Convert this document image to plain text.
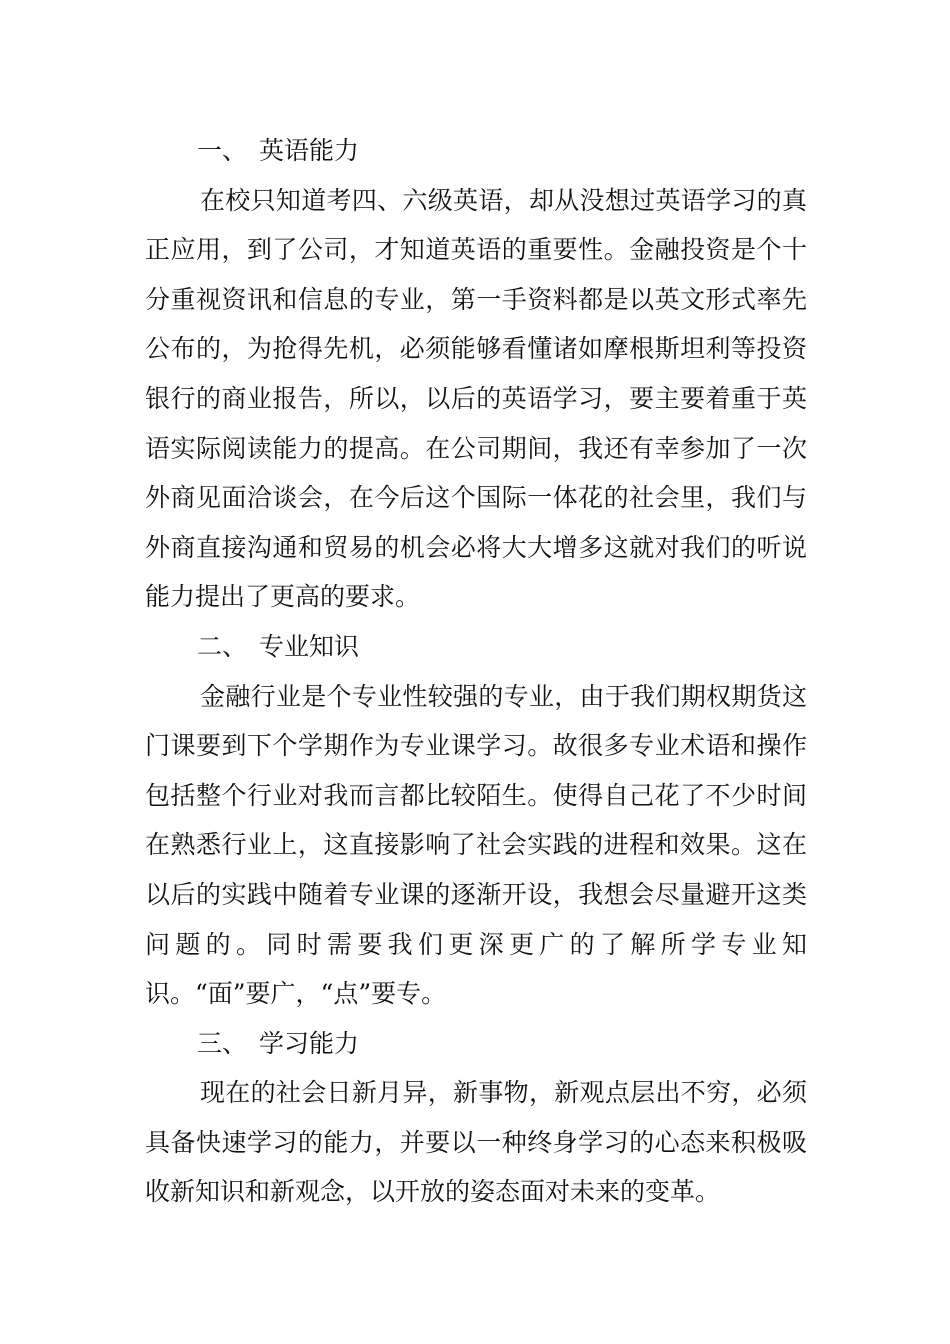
一、 英语能力

在校只知道考四、六级英语，却从没想过英语学习的真正应用，到了公司，才知道英语的重要性。金融投资是个十分重视资讯和信息的专业，第一手资料都是以英文形式率先公布的，为抢得先机，必须能够看懂诸如摩根斯坦利等投资银行的商业报告，所以，以后的英语学习，要主要着重于英语实际阅读能力的提高。在公司期间，我还有幸参加了一次外商见面洽谈会，在今后这个国际一体花的社会里，我们与外商直接沟通和贸易的机会必将大大增多这就对我们的听说能力提出了更高的要求。

二、 专业知识

金融行业是个专业性较强的专业，由于我们期权期货这门课要到下个学期作为专业课学习。故很多专业术语和操作包括整个行业对我而言都比较陌生。使得自己花了不少时间在熟悉行业上，这直接影响了社会实践的进程和效果。这在以后的实践中随着专业课的逐渐开设，我想会尽量避开这类问题的。同时需要我们更深更广的了解所学专业知识。“面”要广，“点”要专。

三、 学习能力

现在的社会日新月异，新事物，新观点层出不穷，必须具备快速学习的能力，并要以一种终身学习的心态来积极吸收新知识和新观念，以开放的姿态面对未来的变革。
